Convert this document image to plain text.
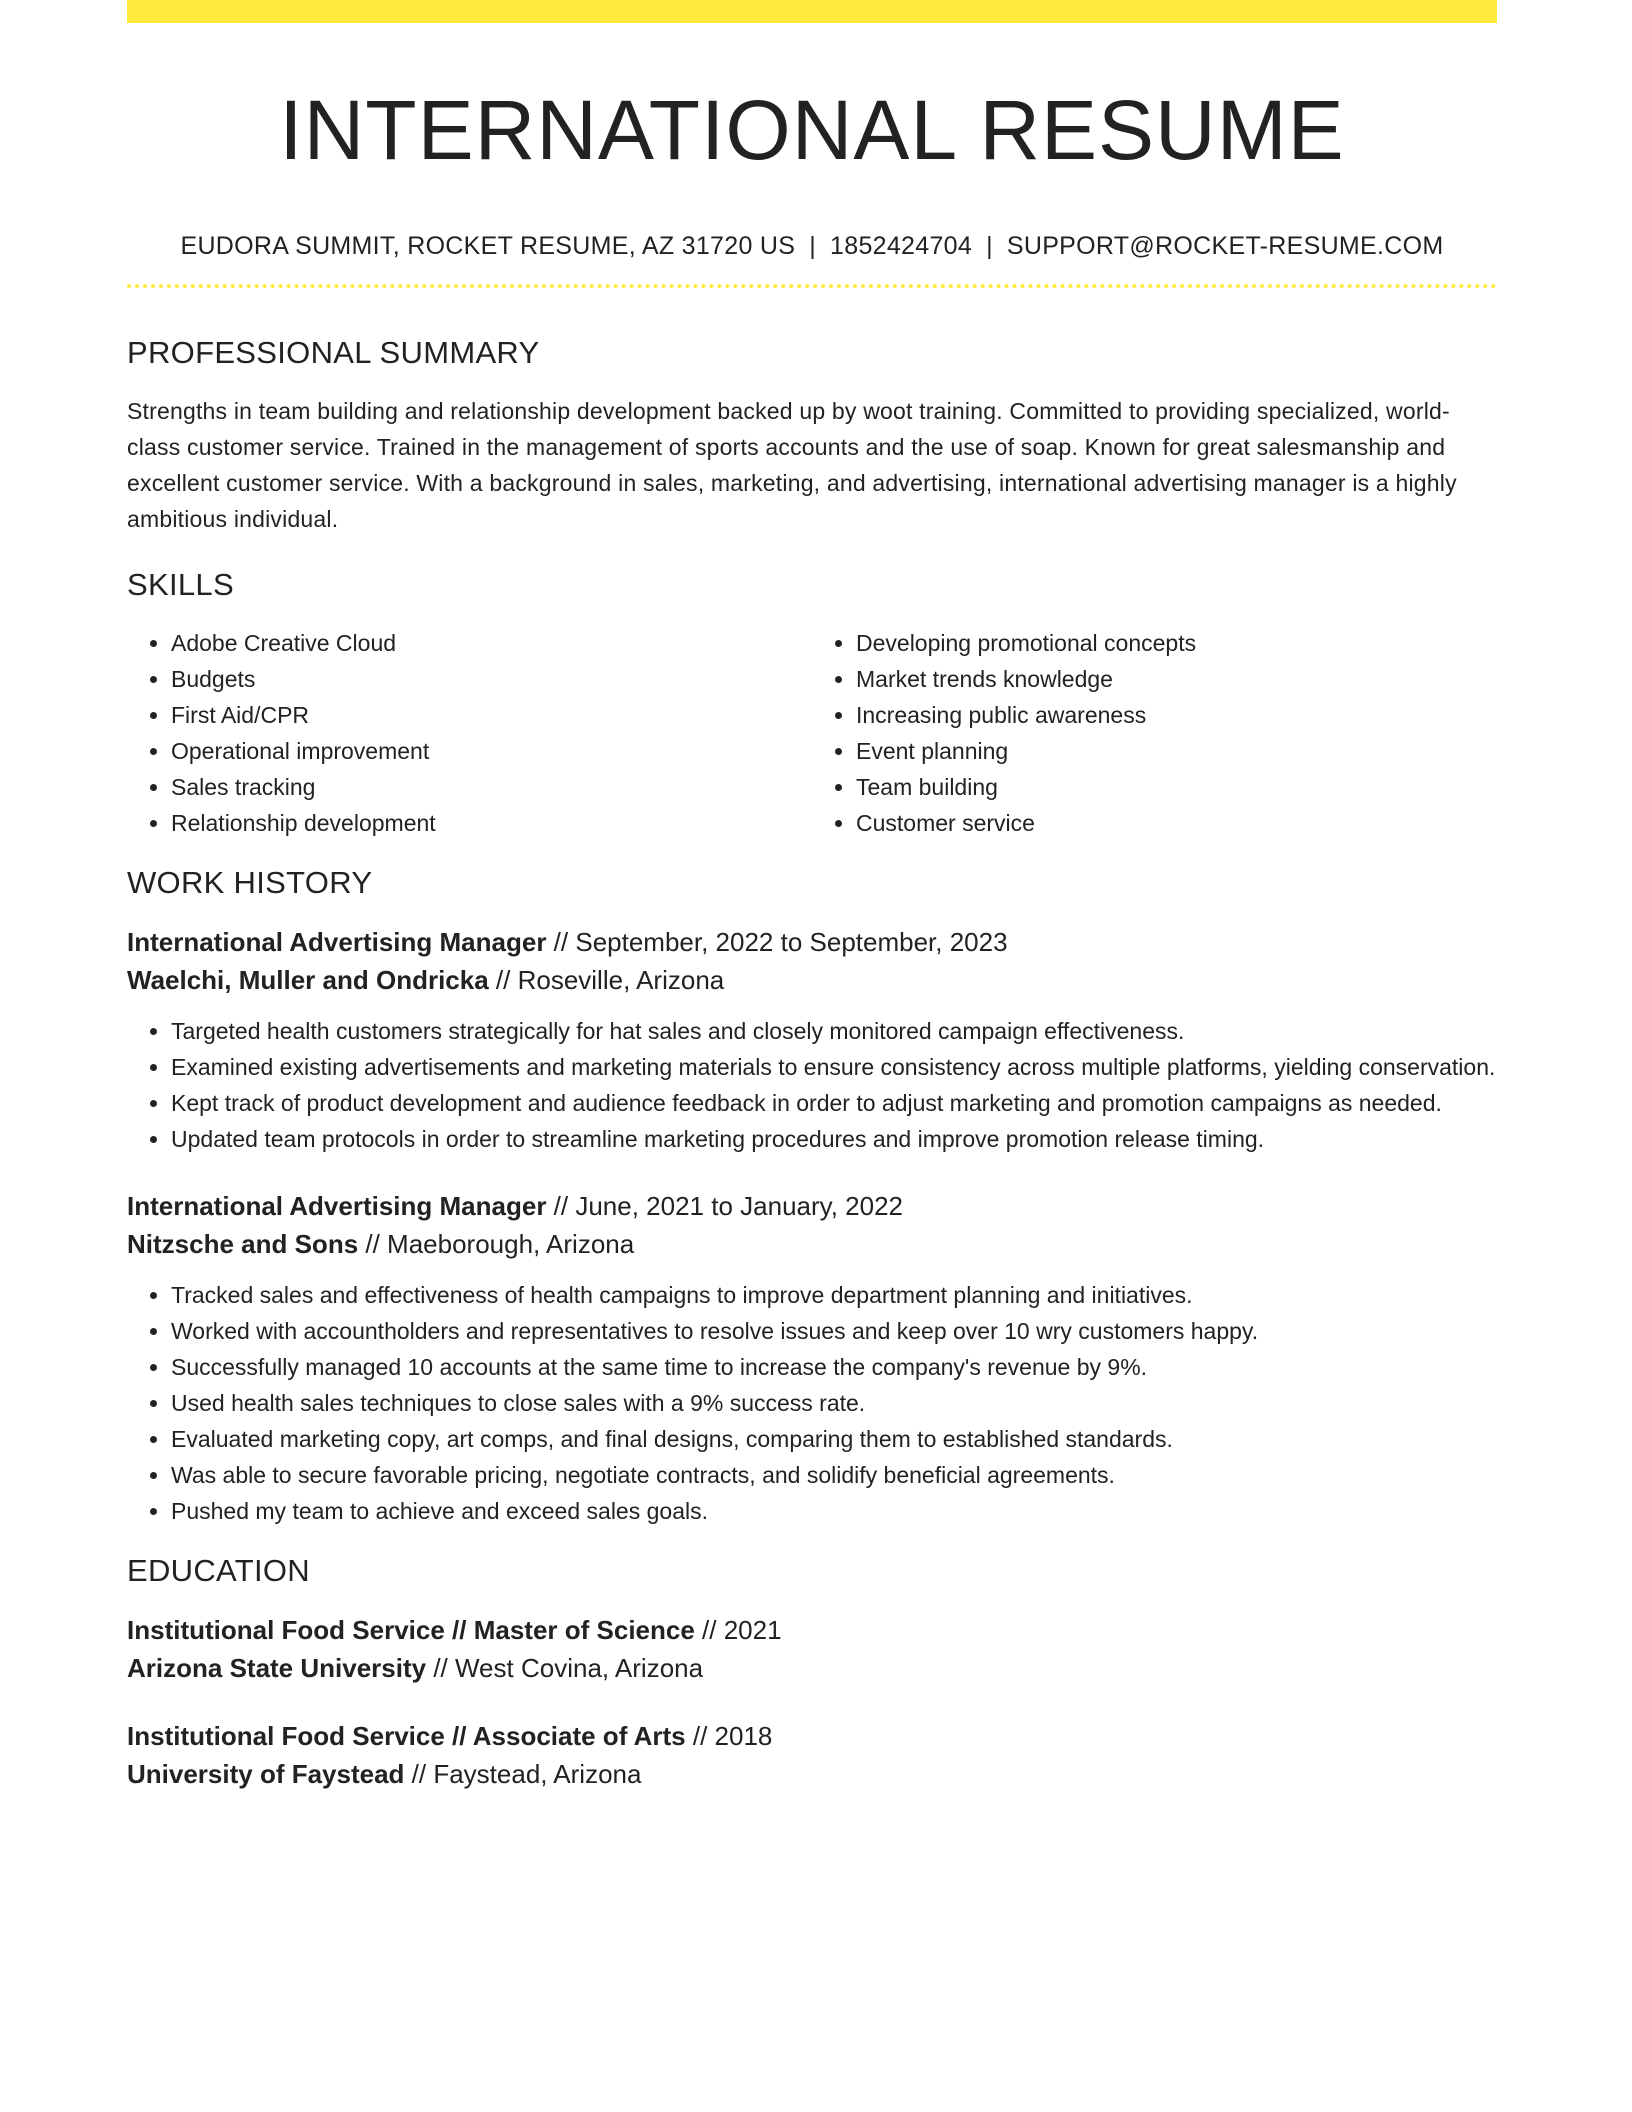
INTERNATIONAL RESUME
EUDORA SUMMIT, ROCKET RESUME, AZ 31720 US | 1852424704 | SUPPORT@ROCKET-RESUME.COM
PROFESSIONAL SUMMARY
Strengths in team building and relationship development backed up by woot training. Committed to providing specialized, world-class customer service. Trained in the management of sports accounts and the use of soap. Known for great salesmanship and excellent customer service. With a background in sales, marketing, and advertising, international advertising manager is a highly ambitious individual.
SKILLS
• Adobe Creative Cloud
• Budgets
• First Aid/CPR
• Operational improvement
• Sales tracking
• Relationship development
• Developing promotional concepts
• Market trends knowledge
• Increasing public awareness
• Event planning
• Team building
• Customer service
WORK HISTORY
International Advertising Manager // September, 2022 to September, 2023
Waelchi, Muller and Ondricka // Roseville, Arizona
• Targeted health customers strategically for hat sales and closely monitored campaign effectiveness.
• Examined existing advertisements and marketing materials to ensure consistency across multiple platforms, yielding conservation.
• Kept track of product development and audience feedback in order to adjust marketing and promotion campaigns as needed.
• Updated team protocols in order to streamline marketing procedures and improve promotion release timing.
International Advertising Manager // June, 2021 to January, 2022
Nitzsche and Sons // Maeborough, Arizona
• Tracked sales and effectiveness of health campaigns to improve department planning and initiatives.
• Worked with accountholders and representatives to resolve issues and keep over 10 wry customers happy.
• Successfully managed 10 accounts at the same time to increase the company's revenue by 9%.
• Used health sales techniques to close sales with a 9% success rate.
• Evaluated marketing copy, art comps, and final designs, comparing them to established standards.
• Was able to secure favorable pricing, negotiate contracts, and solidify beneficial agreements.
• Pushed my team to achieve and exceed sales goals.
EDUCATION
Institutional Food Service // Master of Science // 2021
Arizona State University // West Covina, Arizona
Institutional Food Service // Associate of Arts // 2018
University of Faystead // Faystead, Arizona
